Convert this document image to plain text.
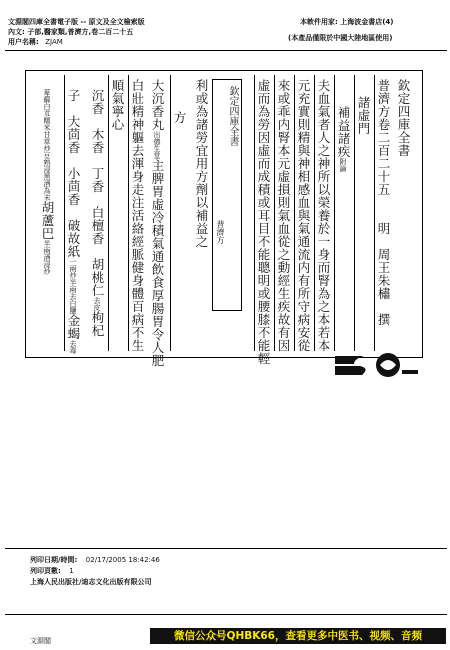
文淵閣四庫全書電子版 -- 原文及全文檢索版
內文: 子部,醫家類,普濟方,卷二百二十五
用户名稱: ZJAM
本軟件用家: 上海波金書店(4)
(本產品僅限於中國大陸地區使用)
欽定四庫全書
普濟方卷二百二十五　　明　周王朱橚　撰
諸虛門
補益諸疾附論
夫血氣者人之神所以榮養於一身而腎為之本若本
元充實則精與神相感血與氣通流内有所守病安從
來或乖内腎本元虛損則氣血從之動經生疾故有因
虛而為勞因虛而成積或耳目不能聰明或腰膝不能輕
欽定四庫全書
普濟方
利或為諸勞宜用方劑以補益之
方
大沉香丸出德生堂主脾胃虛冷積氣通飲食厚腸胃令人肥
白壯精神軀去渾身走注活絡經脈健身體百病不生
順氣寧心
沉香　木香　丁香　白檀香　胡桃仁去皮枸杞
子　大茴香　小茴香　破故紙一兩炒半兩去白鹽金蝎去毒
萆薢白朮糯米甘草炒豆熟浸黑酒為末胡蘆巴半兩酒浸炒
列印日期/時間: 02/17/2005 18:42:46
列印頁數: 1
上海人民出版社/迪志文化出版有限公司
文淵閣	微信公众号QHBK66，查看更多中医书、视频、音频
